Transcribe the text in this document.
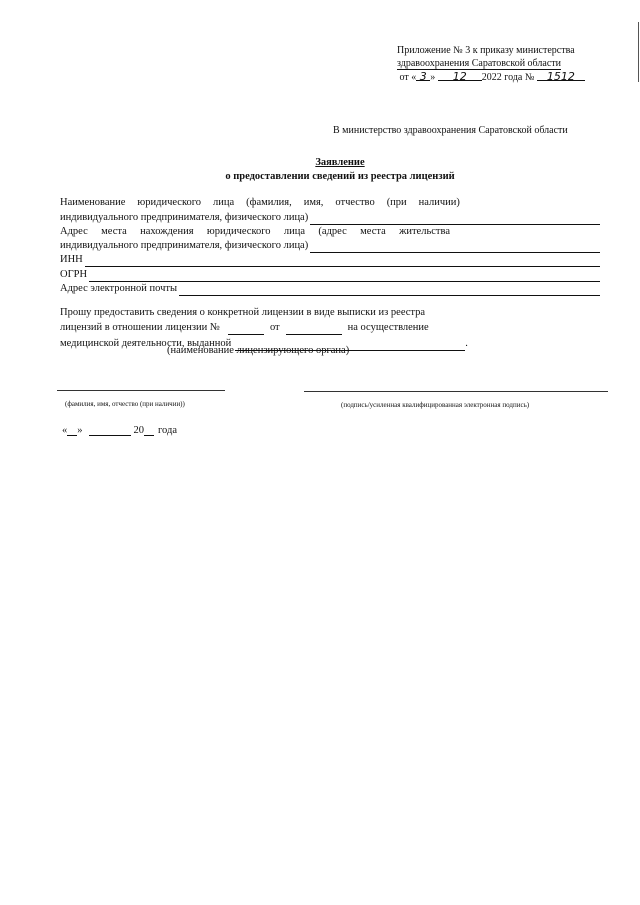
Приложение № 3 к приказу министерства
здравоохранения Саратовской области
от « 3 » 12 2022 года № 1512
В министерство здравоохранения Саратовской области
Заявление
о предоставлении сведений из реестра лицензий
Наименование юридического лица (фамилия, имя, отчество (при наличии)
индивидуального предпринимателя, физического лица)
Адрес места нахождения юридического лица (адрес места жительства
индивидуального предпринимателя, физического лица)
ИНН
ОГРН
Адрес электронной почты
Прошу предоставить сведения о конкретной лицензии в виде выписки из реестра
лицензий в отношении лицензии №	от	на осуществление
медицинской деятельности, выданной	.
(наименование лицензирующего органа)
(фамилия, имя, отчество (при наличии))	(подпись/усиленная квалифицированная электронная подпись)
« »	20 года
